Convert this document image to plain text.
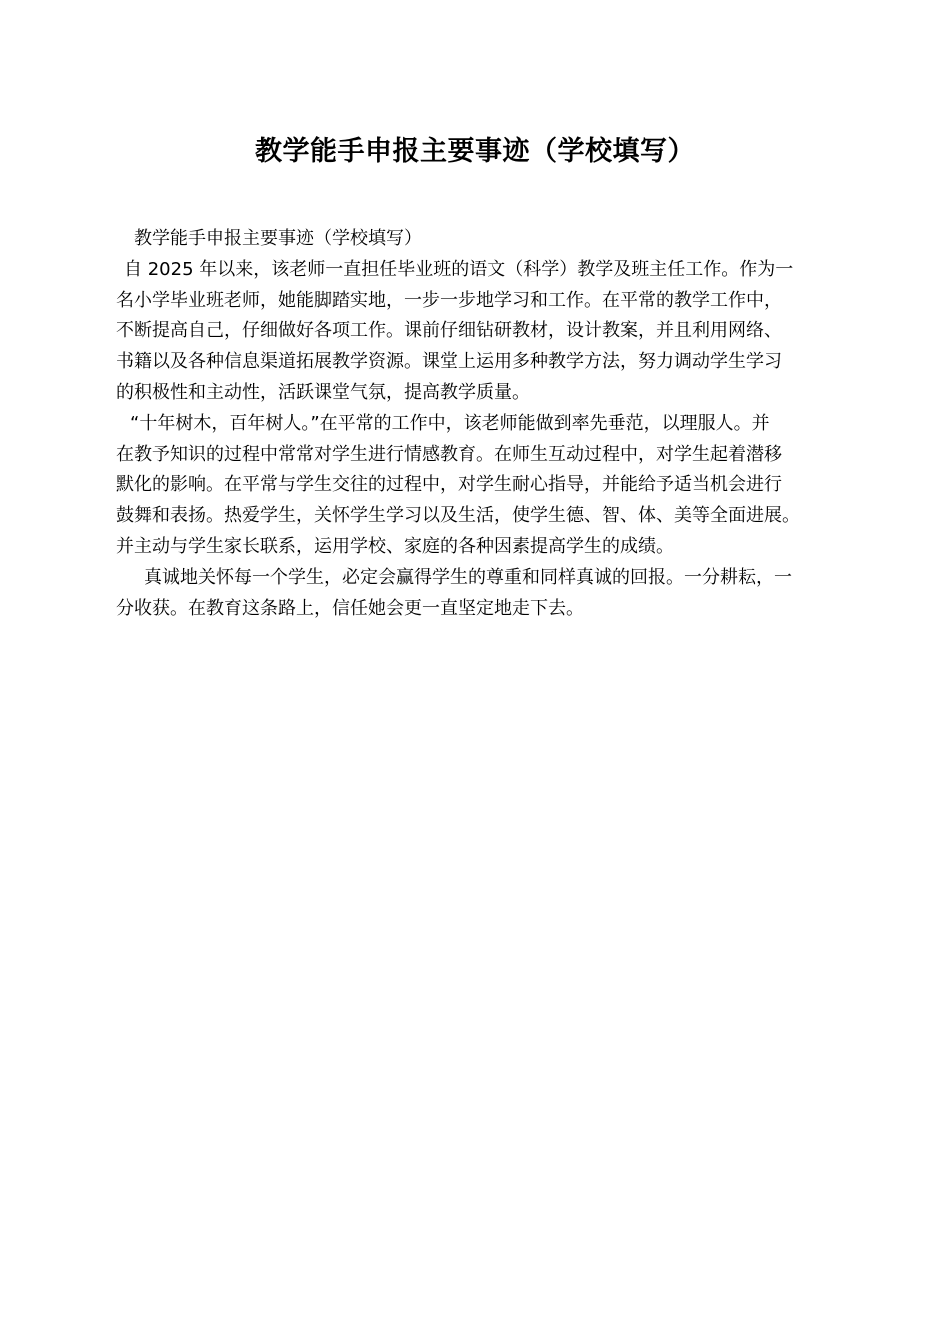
教学能手申报主要事迹（学校填写）
教学能手申报主要事迹（学校填写）
自 2025 年以来，该老师一直担任毕业班的语文（科学）教学及班主任工作。作为一
名小学毕业班老师，她能脚踏实地，一步一步地学习和工作。在平常的教学工作中，
不断提高自己，仔细做好各项工作。课前仔细钻研教材，设计教案，并且利用网络、
书籍以及各种信息渠道拓展教学资源。课堂上运用多种教学方法，努力调动学生学习
的积极性和主动性，活跃课堂气氛，提高教学质量。
“十年树木，百年树人。”在平常的工作中，该老师能做到率先垂范，以理服人。并
在教予知识的过程中常常对学生进行情感教育。在师生互动过程中，对学生起着潜移
默化的影响。在平常与学生交往的过程中，对学生耐心指导，并能给予适当机会进行
鼓舞和表扬。热爱学生，关怀学生学习以及生活，使学生德、智、体、美等全面进展。
并主动与学生家长联系，运用学校、家庭的各种因素提高学生的成绩。
真诚地关怀每一个学生，必定会赢得学生的尊重和同样真诚的回报。一分耕耘，一
分收获。在教育这条路上，信任她会更一直坚定地走下去。
